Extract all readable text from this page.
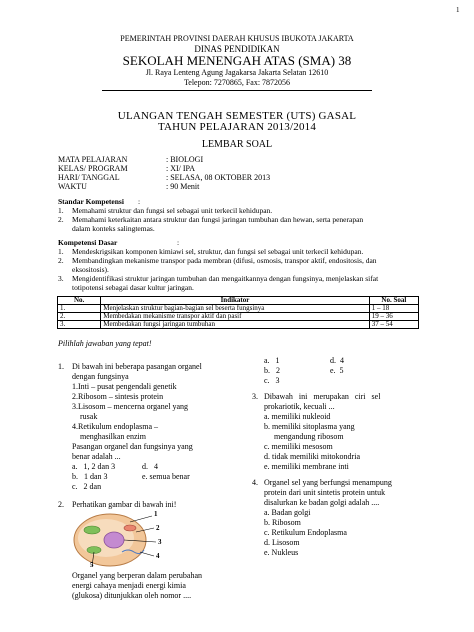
1
PEMERINTAH PROVINSI DAERAH KHUSUS IBUKOTA JAKARTA
DINAS PENDIDIKAN
SEKOLAH MENENGAH ATAS (SMA) 38
Jl. Raya Lenteng Agung Jagakarsa Jakarta Selatan 12610
Telepon: 7270865, Fax: 7872056
ULANGAN TENGAH SEMESTER (UTS) GASAL
TAHUN PELAJARAN 2013/2014
LEMBAR SOAL
MATA PELAJARAN	: BIOLOGI
KELAS/ PROGRAM	: XI/ IPA
HARI/ TANGGAL	: SELASA, 08 OKTOBER 2013
WAKTU	: 90 Menit
Standar Kompetensi :
1. Memahami struktur dan fungsi sel sebagai unit terkecil kehidupan.
2. Memahami keterkaitan antara struktur dan fungsi jaringan tumbuhan dan hewan, serta penerapan
dalam konteks salingtemas.
Kompetensi Dasar	:
1. Mendeskrigsikan komponen kimiawi sel, struktur, dan fungsi sel sebagai unit terkecil kehidupan.
2. Membandingkan mekanisme transpor pada membran (difusi, osmosis, transpor aktif, endositosis, dan
eksositosis).
3. Mengidentifikasi struktur jaringan tumbuhan dan mengaitkannya dengan fungsinya, menjelaskan sifat
totipotensi sebagai dasar kultur jaringan.
No.	Indikator	No. Soal
1.	Menjelaskan struktur bagian-bagian sel beserta fungsinya	1 – 18
2.	Membedakan mekanisme transpor aktif dan pasif	19 – 36
3.	Membedakan fungsi jaringan tumbuhan	37 – 54
Pilihlah jawaban yang tepat!
1. Di bawah ini beberapa pasangan organel
dengan fungsinya
1.Inti – pusat pengendali genetik
2.Ribosom – sintesis protein
3.Lisosom – mencerna organel yang
rusak
4.Retikulum endoplasma –
menghasilkan enzim
Pasangan organel dan fungsinya yang
benar adalah ...
a.   1, 2 dan 3	d.   4
b.   1 dan 3	e. semua benar
c.   2 dan
2. Perhatikan gambar di bawah ini!
1
2
3
4
5
Organel yang berperan dalam perubahan
energi cahaya menjadi energi kimia
(glukosa) ditunjukkan oleh nomor ....
a.   1	d.  4
b.   2	e.  5
c.   3
3. Dibawah   ini   merupakan   ciri   sel
prokariotik, kecuali ...
a. memiliki nukleoid
b. memiliki sitoplasma yang
mengandung ribosom
c. memiliki mesosom
d. tidak memiliki mitokondria
e. memiliki membrane inti
4. Organel sel yang berfungsi menampung
protein dari unit sintetis protein untuk
disalurkan ke badan golgi adalah ....
a. Badan golgi
b. Ribosom
c. Retikulum Endoplasma
d. Lisosom
e. Nukleus
